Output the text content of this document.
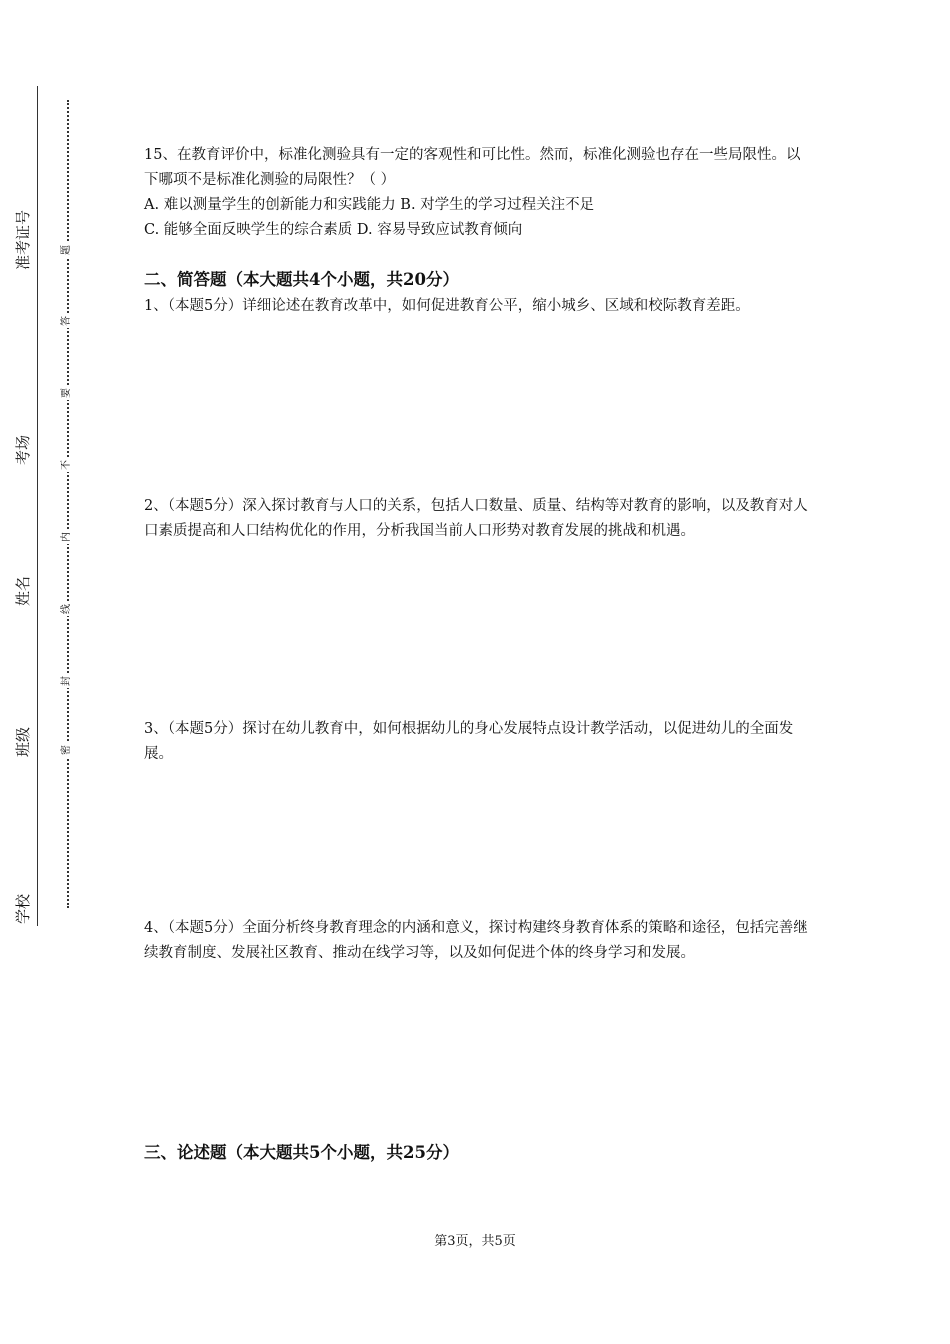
准考证号
考场
姓名
班级
学校
题
答
要
不
内
线
封
密

15、在教育评价中，标准化测验具有一定的客观性和可比性。然而，标准化测验也存在一些局限性。以下哪项不是标准化测验的局限性？（ ）

A. 难以测量学生的创新能力和实践能力 B. 对学生的学习过程关注不足

C. 能够全面反映学生的综合素质 D. 容易导致应试教育倾向

二、简答题（本大题共4个小题，共20分）

1、（本题5分）详细论述在教育改革中，如何促进教育公平，缩小城乡、区域和校际教育差距。

2、（本题5分）深入探讨教育与人口的关系，包括人口数量、质量、结构等对教育的影响，以及教育对人口素质提高和人口结构优化的作用，分析我国当前人口形势对教育发展的挑战和机遇。

3、（本题5分）探讨在幼儿教育中，如何根据幼儿的身心发展特点设计教学活动，以促进幼儿的全面发展。

4、（本题5分）全面分析终身教育理念的内涵和意义，探讨构建终身教育体系的策略和途径，包括完善继续教育制度、发展社区教育、推动在线学习等，以及如何促进个体的终身学习和发展。

三、论述题（本大题共5个小题，共25分）

第3页，共5页
